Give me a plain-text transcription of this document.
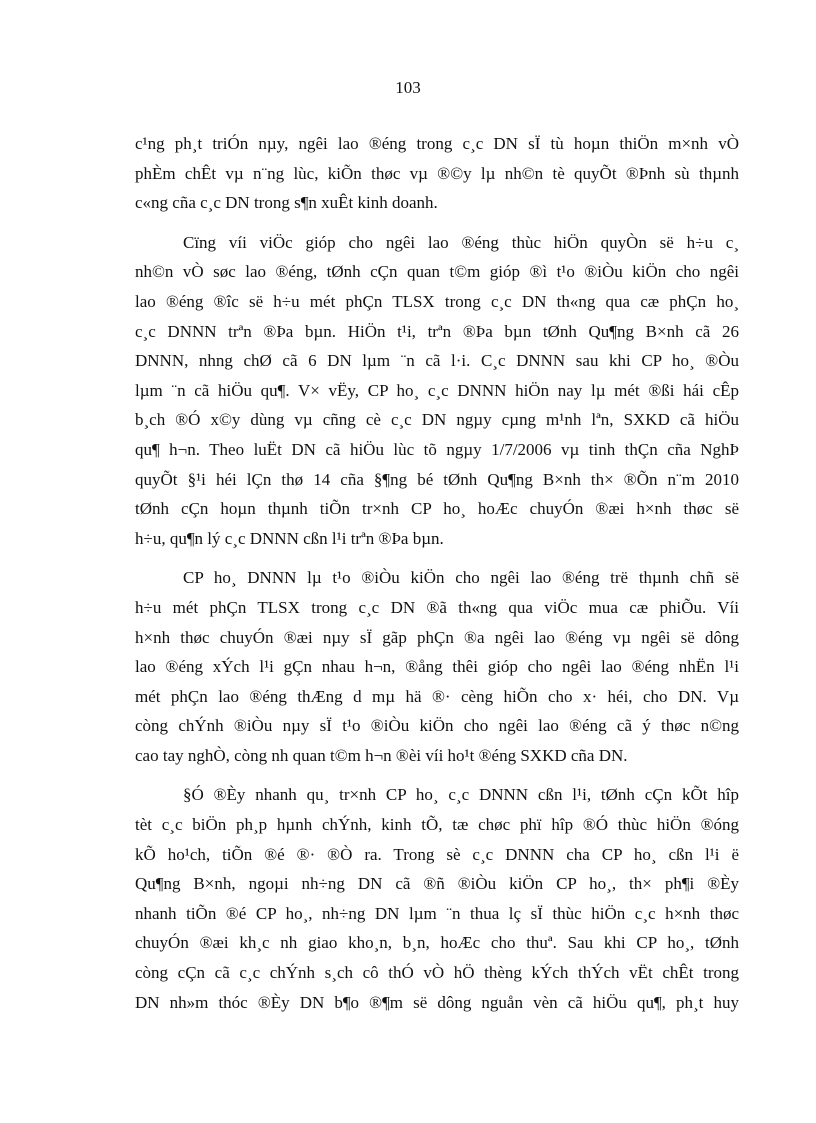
103

c¹ng ph¸t triÓn nµy, ngêi lao ®éng trong c¸c DN sÏ tù hoµn thiÖn m×nh vÒ
phÈm chÊt vµ n¨ng lùc, kiÕn thøc vµ ®©y lµ nh©n tè quyÕt ®Þnh sù thµnh
c«ng cña c¸c DN trong s¶n xuÊt kinh doanh.

Cïng víi viÖc gióp cho ngêi lao ®éng thùc hiÖn quyÒn së h÷u c¸
nh©n vÒ søc lao ®éng, tØnh cÇn quan t©m gióp ®ì t¹o ®iÒu kiÖn cho ngêi
lao ®éng ®îc së h÷u mét phÇn TLSX trong c¸c DN th«ng qua cæ phÇn ho¸
c¸c DNNN trªn ®Þa bµn. HiÖn t¹i, trªn ®Þa bµn tØnh Qu¶ng B×nh cã 26
DNNN, nhng chØ cã 6 DN lµm ¨n cã l·i. C¸c DNNN sau khi CP ho¸ ®Òu
lµm ¨n cã hiÖu qu¶. V× vËy, CP ho¸ c¸c DNNN hiÖn nay lµ mét ®ßi hái cÊp
b¸ch ®Ó x©y dùng vµ cñng cè c¸c DN ngµy cµng m¹nh lªn, SXKD cã hiÖu
qu¶ h¬n. Theo luËt DN cã hiÖu lùc tõ ngµy 1/7/2006 vµ tinh thÇn cña NghÞ
quyÕt §¹i héi lÇn thø 14 cña §¶ng bé tØnh Qu¶ng B×nh th× ®Õn n¨m 2010
tØnh cÇn hoµn thµnh tiÕn tr×nh CP ho¸ hoÆc chuyÓn ®æi h×nh thøc së
h÷u, qu¶n lý c¸c DNNN cßn l¹i trªn ®Þa bµn.

CP ho¸ DNNN lµ t¹o ®iÒu kiÖn cho ngêi lao ®éng trë thµnh chñ së
h÷u mét phÇn TLSX trong c¸c DN ®ã th«ng qua viÖc mua cæ phiÕu. Víi
h×nh thøc chuyÓn ®æi nµy sÏ gãp phÇn ®a ngêi lao ®éng vµ ngêi së dông
lao ®éng xÝch l¹i gÇn nhau h¬n, ®ång thêi gióp cho ngêi lao ®éng nhËn l¹i
mét phÇn lao ®éng thÆng d mµ hä ®· cèng hiÕn cho x· héi, cho DN. Vµ
còng chÝnh ®iÒu nµy sÏ t¹o ®iÒu kiÖn cho ngêi lao ®éng cã ý thøc n©ng
cao tay nghÒ, còng nh quan t©m h¬n ®èi víi ho¹t ®éng SXKD cña DN.

§Ó ®Èy nhanh qu¸ tr×nh CP ho¸ c¸c DNNN cßn l¹i, tØnh cÇn kÕt hîp
tèt c¸c biÖn ph¸p hµnh chÝnh, kinh tÕ, tæ chøc phï hîp ®Ó thùc hiÖn ®óng
kÕ ho¹ch, tiÕn ®é ®· ®Ò ra. Trong sè c¸c DNNN cha CP ho¸ cßn l¹i ë
Qu¶ng B×nh, ngoµi nh÷ng DN cã ®ñ ®iÒu kiÖn CP ho¸, th× ph¶i ®Èy
nhanh tiÕn ®é CP ho¸, nh÷ng DN lµm ¨n thua lç sÏ thùc hiÖn c¸c h×nh thøc
chuyÓn ®æi kh¸c nh giao kho¸n, b¸n, hoÆc cho thuª. Sau khi CP ho¸, tØnh
còng cÇn cã c¸c chÝnh s¸ch cô thÓ vÒ hÖ thèng kÝch thÝch vËt chÊt trong
DN nh»m thóc ®Èy DN b¶o ®¶m së dông nguån vèn cã hiÖu qu¶, ph¸t huy
